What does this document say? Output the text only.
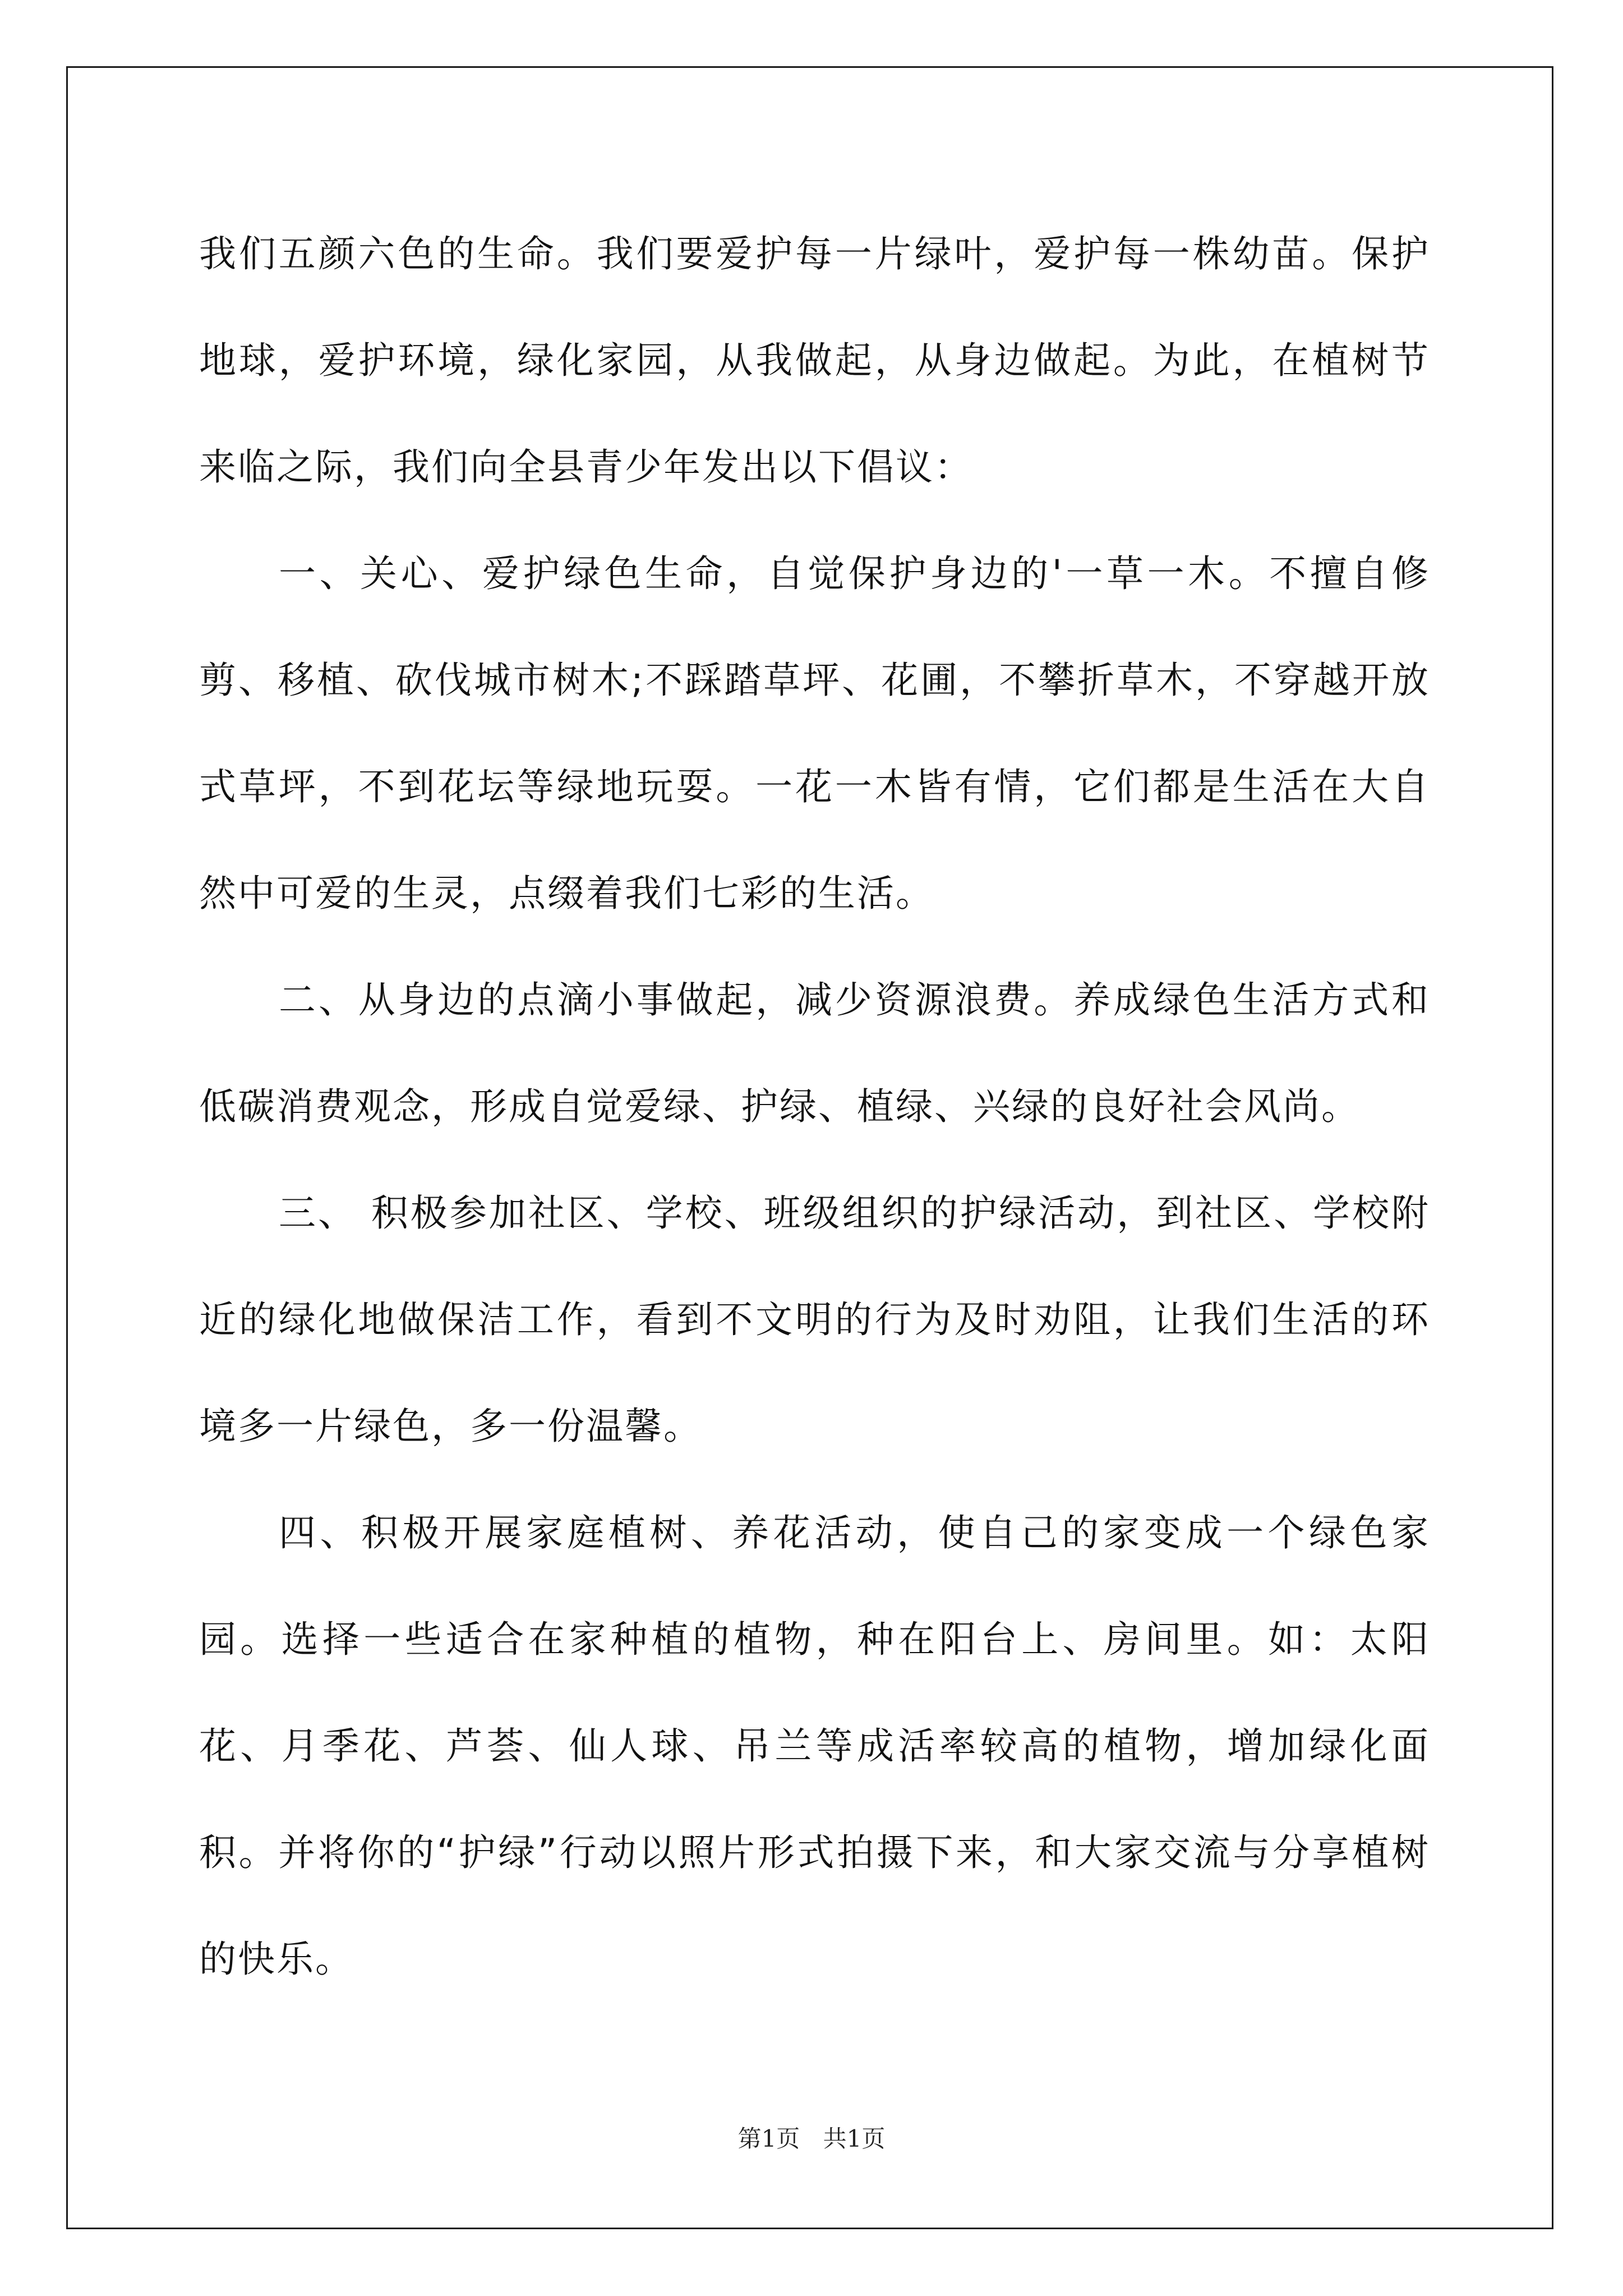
我们五颜六色的生命。我们要爱护每一片绿叶，爱护每一株幼苗。保护地球，爱护环境，绿化家园，从我做起，从身边做起。为此，在植树节来临之际，我们向全县青少年发出以下倡议：

一、关心、爱护绿色生命，自觉保护身边的'一草一木。不擅自修剪、移植、砍伐城市树木;不踩踏草坪、花圃，不攀折草木，不穿越开放式草坪，不到花坛等绿地玩耍。一花一木皆有情，它们都是生活在大自然中可爱的生灵，点缀着我们七彩的生活。

二、从身边的点滴小事做起，减少资源浪费。养成绿色生活方式和低碳消费观念，形成自觉爱绿、护绿、植绿、兴绿的良好社会风尚。

三、 积极参加社区、学校、班级组织的护绿活动，到社区、学校附近的绿化地做保洁工作，看到不文明的行为及时劝阻，让我们生活的环境多一片绿色，多一份温馨。

四、积极开展家庭植树、养花活动，使自己的家变成一个绿色家园。选择一些适合在家种植的植物，种在阳台上、房间里。如：太阳花、月季花、芦荟、仙人球、吊兰等成活率较高的植物，增加绿化面积。并将你的“护绿”行动以照片形式拍摄下来，和大家交流与分享植树的快乐。

第1页 共1页
